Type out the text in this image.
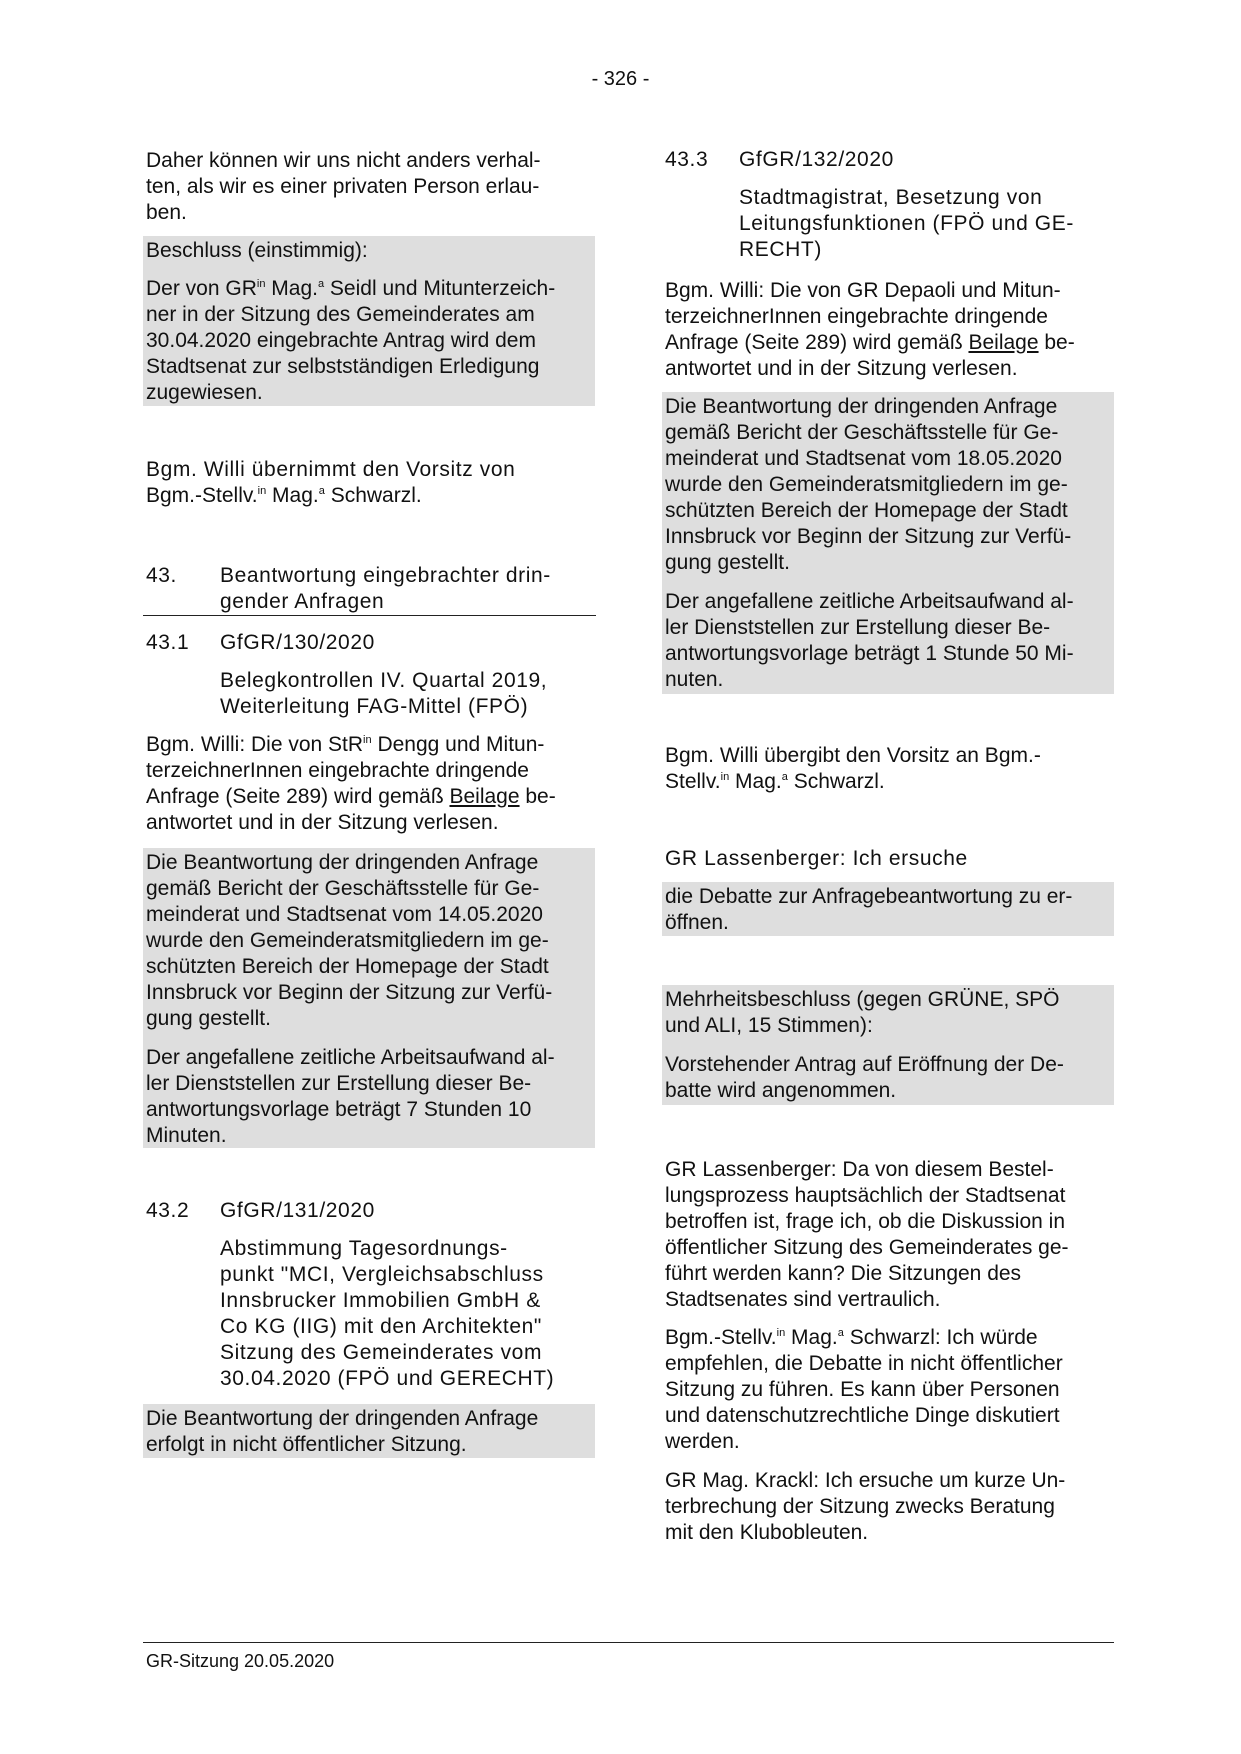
- 326 -
Daher können wir uns nicht anders verhal-
ten, als wir es einer privaten Person erlau-
ben.

Beschluss (einstimmig):

Der von $GR^{in}$ Mag.$^a$ Seidl und Mitunterzeich-
ner in der Sitzung des Gemeinderates am
30.04.2020 eingebrachte Antrag wird dem
Stadtsenat zur selbstständigen Erledigung
zugewiesen.

Bgm. Willi übernimmt den Vorsitz von
Bgm.-Stellv.$^{in}$ Mag.$^a$ Schwarzl.
43. Beantwortung eingebrachter drin-
gender Anfragen
43.1 GfGR/130/2020
Belegkontrollen IV. Quartal 2019,
Weiterleitung FAG-Mittel (FPÖ)
Bgm. Willi: Die von StR$^{in}$ Dengg und Mitun-
terzeichnerInnen eingebrachte dringende
Anfrage (Seite 289) wird gemäß Beilage be-
antwortet und in der Sitzung verlesen.

Die Beantwortung der dringenden Anfrage
gemäß Bericht der Geschäftsstelle für Ge-
meinderat und Stadtsenat vom 14.05.2020
wurde den Gemeinderatsmitgliedern im ge-
schützten Bereich der Homepage der Stadt
Innsbruck vor Beginn der Sitzung zur Verfü-
gung gestellt.

Der angefallene zeitliche Arbeitsaufwand al-
ler Dienststellen zur Erstellung dieser Be-
antwortungsvorlage beträgt 7 Stunden 10
Minuten.

43.2 GfGR/131/2020
Abstimmung Tagesordnungs-
punkt "MCI, Vergleichsabschluss
Innsbrucker Immobilien GmbH &
Co KG (IIG) mit den Architekten"
Sitzung des Gemeinderates vom
30.04.2020 (FPÖ und GERECHT)

Die Beantwortung der dringenden Anfrage
erfolgt in nicht öffentlicher Sitzung.

43.3 GfGR/132/2020
Stadtmagistrat, Besetzung von
Leitungsfunktionen (FPÖ und GE-
RECHT)
Bgm. Willi: Die von GR Depaoli und Mitun-
terzeichnerInnen eingebrachte dringende
Anfrage (Seite 289) wird gemäß Beilage be-
antwortet und in der Sitzung verlesen.

Die Beantwortung der dringenden Anfrage
gemäß Bericht der Geschäftsstelle für Ge-
meinderat und Stadtsenat vom 18.05.2020
wurde den Gemeinderatsmitgliedern im ge-
schützten Bereich der Homepage der Stadt
Innsbruck vor Beginn der Sitzung zur Verfü-
gung gestellt.

Der angefallene zeitliche Arbeitsaufwand al-
ler Dienststellen zur Erstellung dieser Be-
antwortungsvorlage beträgt 1 Stunde 50 Mi-
nuten.

Bgm. Willi übergibt den Vorsitz an Bgm.-
Stellv.$^{in}$ Mag.$^a$ Schwarzl.
GR Lassenberger: Ich ersuche

die Debatte zur Anfragebeantwortung zu er-
öffnen.

Mehrheitsbeschluss (gegen GRÜNE, SPÖ
und ALI, 15 Stimmen):

Vorstehender Antrag auf Eröffnung der De-
batte wird angenommen.

GR Lassenberger: Da von diesem Bestel-
lungsprozess hauptsächlich der Stadtsenat
betroffen ist, frage ich, ob die Diskussion in
öffentlicher Sitzung des Gemeinderates ge-
führt werden kann? Die Sitzungen des
Stadtsenates sind vertraulich.
Bgm.-Stellv.$^{in}$ Mag.$^a$ Schwarzl: Ich würde
empfehlen, die Debatte in nicht öffentlicher
Sitzung zu führen. Es kann über Personen
und datenschutzrechtliche Dinge diskutiert
werden.
GR Mag. Krackl: Ich ersuche um kurze Un-
terbrechung der Sitzung zwecks Beratung
mit den Klubobleuten.
GR-Sitzung 20.05.2020
